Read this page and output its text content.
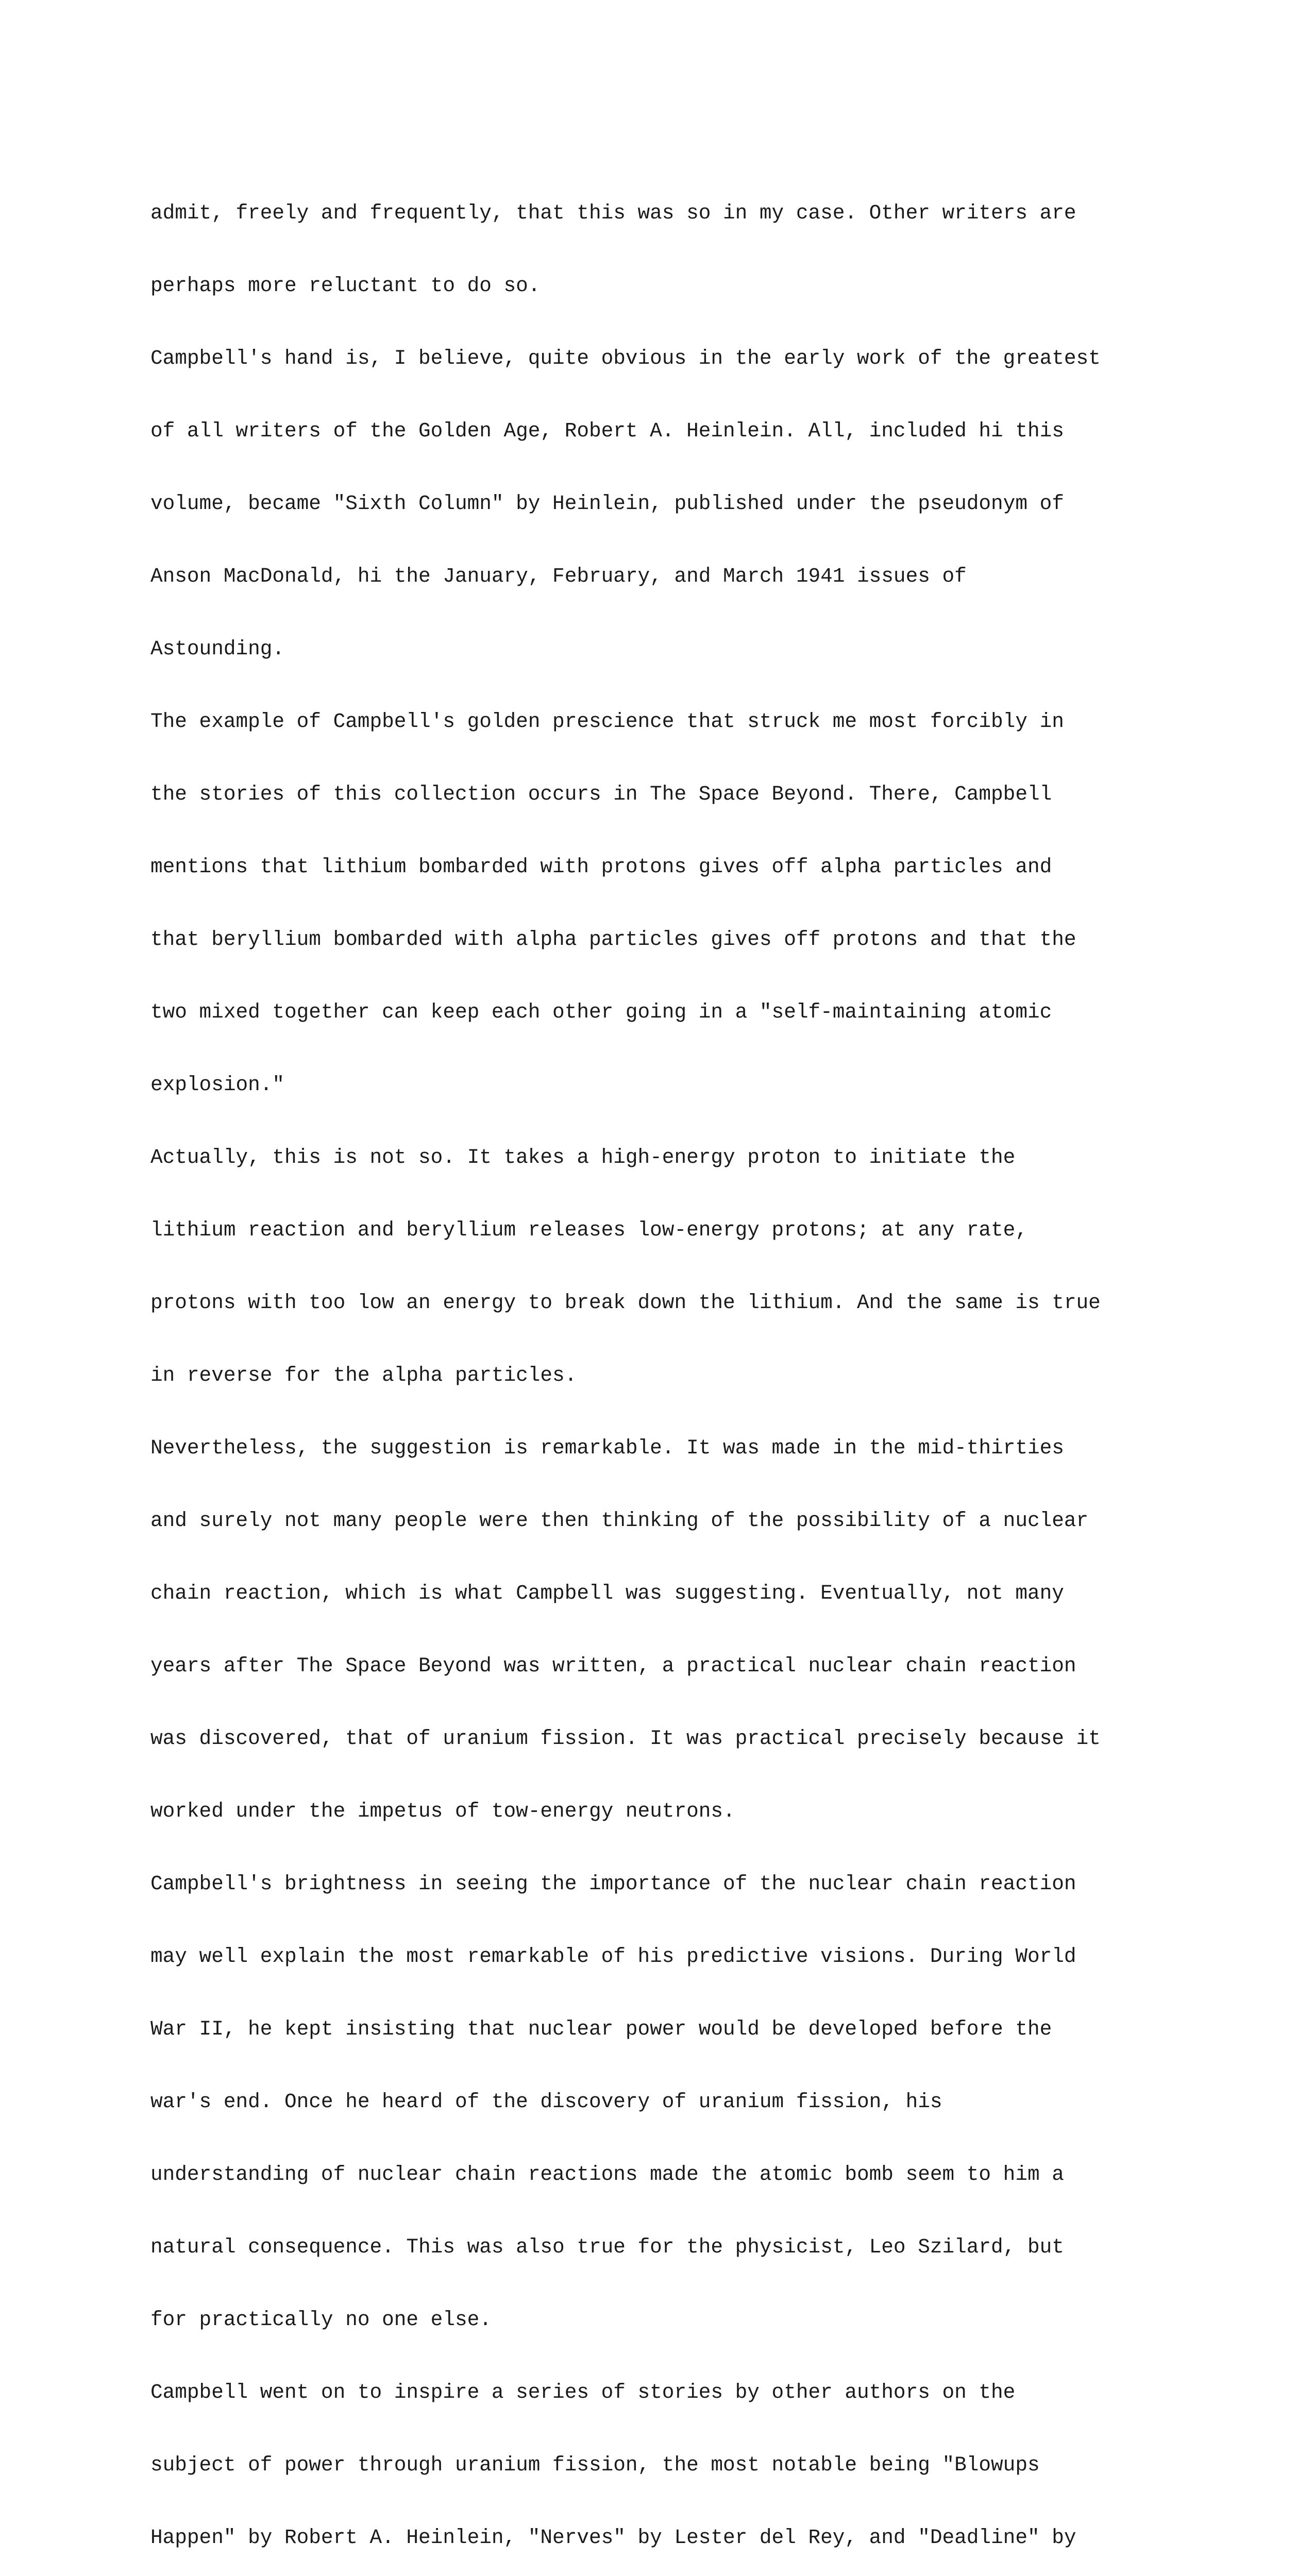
admit, freely and frequently, that this was so in my case. Other writers are

perhaps more reluctant to do so.

Campbell's hand is, I believe, quite obvious in the early work of the greatest

of all writers of the Golden Age, Robert A. Heinlein. All, included hi this

volume, became "Sixth Column" by Heinlein, published under the pseudonym of

Anson MacDonald, hi the January, February, and March 1941 issues of

Astounding.

The example of Campbell's golden prescience that struck me most forcibly in

the stories of this collection occurs in The Space Beyond. There, Campbell

mentions that lithium bombarded with protons gives off alpha particles and

that beryllium bombarded with alpha particles gives off protons and that the

two mixed together can keep each other going in a "self-maintaining atomic

explosion."

Actually, this is not so. It takes a high-energy proton to initiate the

lithium reaction and beryllium releases low-energy protons; at any rate,

protons with too low an energy to break down the lithium. And the same is true

in reverse for the alpha particles.

Nevertheless, the suggestion is remarkable. It was made in the mid-thirties

and surely not many people were then thinking of the possibility of a nuclear

chain reaction, which is what Campbell was suggesting. Eventually, not many

years after The Space Beyond was written, a practical nuclear chain reaction

was discovered, that of uranium fission. It was practical precisely because it

worked under the impetus of tow-energy neutrons.

Campbell's brightness in seeing the importance of the nuclear chain reaction

may well explain the most remarkable of his predictive visions. During World

War II, he kept insisting that nuclear power would be developed before the

war's end. Once he heard of the discovery of uranium fission, his

understanding of nuclear chain reactions made the atomic bomb seem to him a

natural consequence. This was also true for the physicist, Leo Szilard, but

for practically no one else.

Campbell went on to inspire a series of stories by other authors on the

subject of power through uranium fission, the most notable being "Blowups

Happen" by Robert A. Heinlein, "Nerves" by Lester del Rey, and "Deadline" by
